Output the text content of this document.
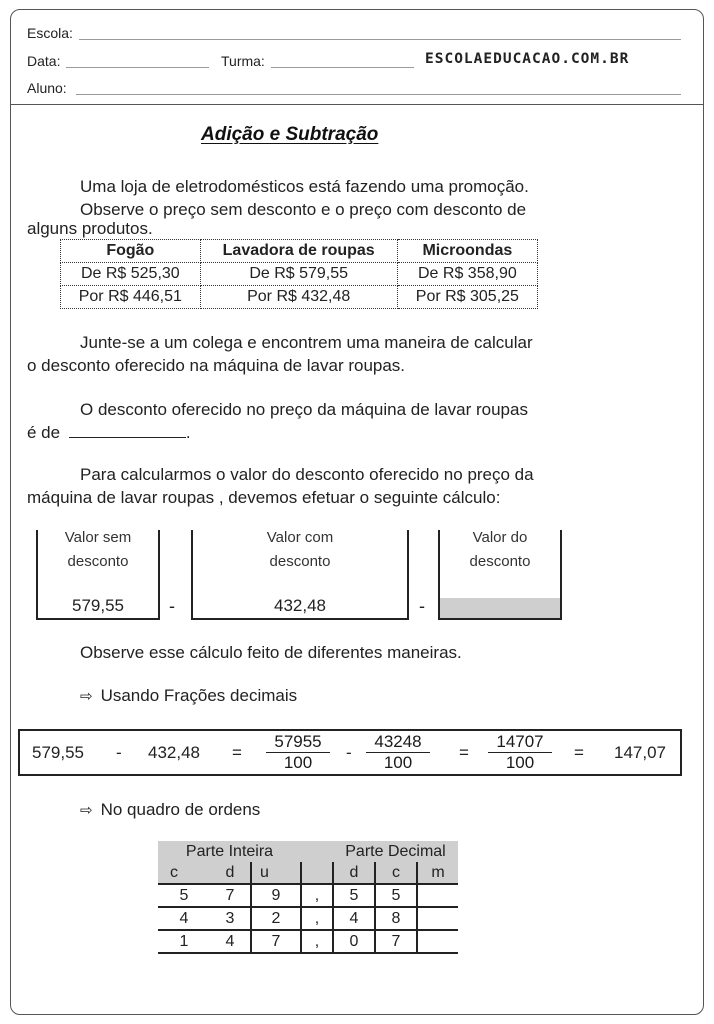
Escola:
Data:	Turma:	ESCOLAEDUCACAO.COM.BR
Aluno:
Adição e Subtração
Uma loja de eletrodomésticos está fazendo uma promoção.
Observe o preço sem desconto e o preço com desconto de
alguns produtos.
Fogão	Lavadora de roupas	Microondas
De R$ 525,30	De R$ 579,55	De R$ 358,90
Por R$ 446,51	Por R$ 432,48	Por R$ 305,25
Junte-se a um colega e encontrem uma maneira de calcular
o desconto oferecido na máquina de lavar roupas.
O desconto oferecido no preço da máquina de lavar roupas
é de	.
Para calcularmos o valor do desconto oferecido no preço da
máquina de lavar roupas , devemos efetuar o seguinte cálculo:
Valor sem
desconto
579,55	-
Valor com
desconto
432,48	-
Valor do
desconto
Observe esse cálculo feito de diferentes maneiras.
⇨ Usando Frações decimais
$579,55 - 432,48 = \frac{57955}{100} - \frac{43248}{100} = \frac{14707}{100} = 147,07$
⇨ No quadro de ordens
Parte Inteira				Parte Decimal		
c	d	u		d	c	m
5	7	9	,	5	5	
4	3	2	,	4	8	
1	4	7	,	0	7	
